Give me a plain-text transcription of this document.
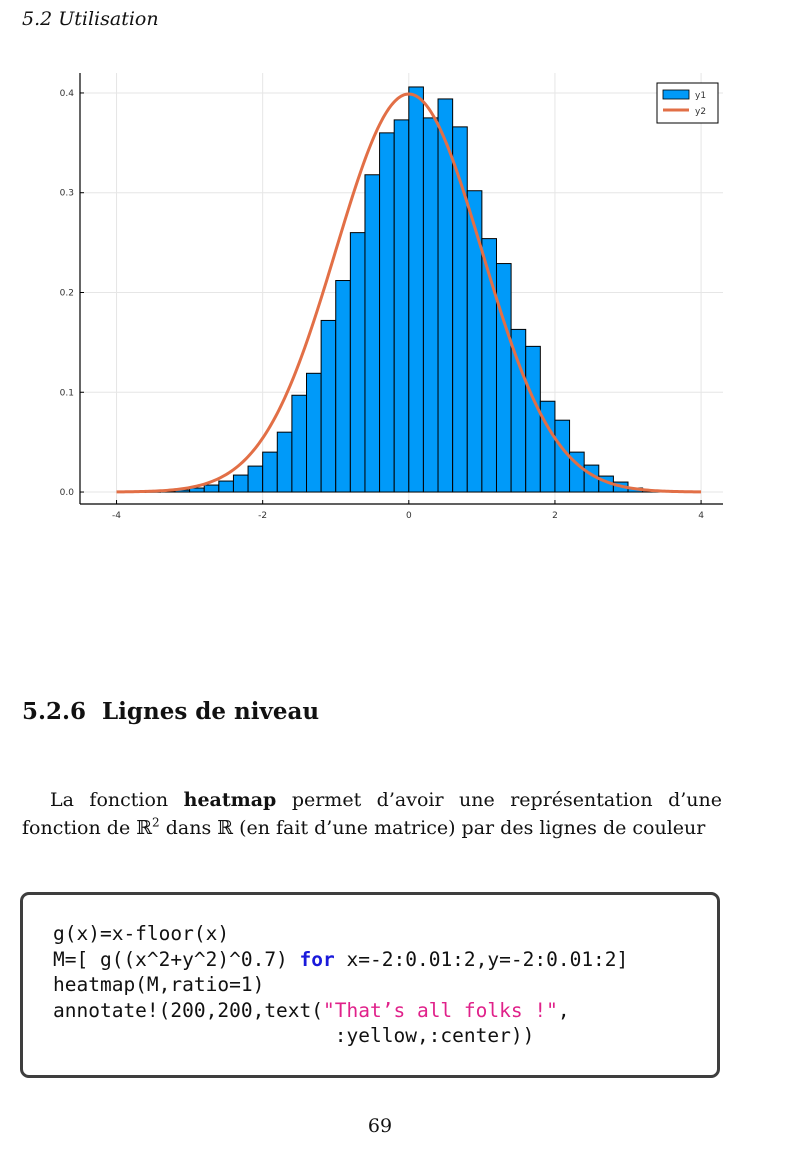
5.2 Utilisation
-4	-2	0	2	4
0.0
0.1
0.2
0.3
0.4	y1
y2
5.2.6 Lignes de niveau
La fonction heatmap permet d’avoir une représentation d’une fonction de ℝ$^2$ dans ℝ (en fait d’une matrice) par des lignes de couleur
g(x)=x-floor(x)
M=[ g((x^2+y^2)^0.7) for x=-2:0.01:2,y=-2:0.01:2]
heatmap(M,ratio=1)
annotate!(200,200,text("That’s all folks !",
:yellow,:center))
69
